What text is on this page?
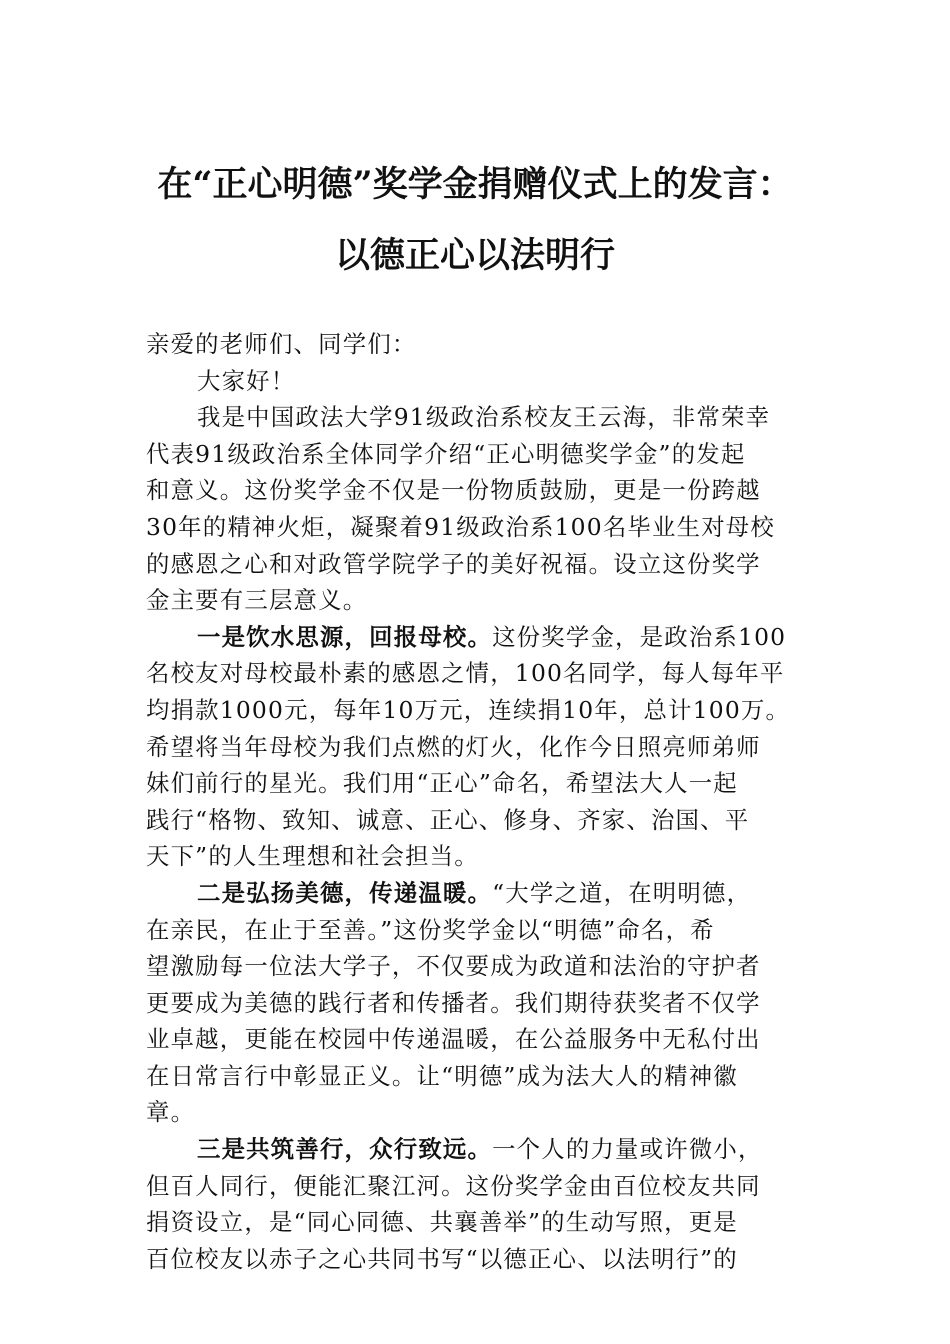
在“正心明德”奖学金捐赠仪式上的发言：
以德正心以法明行
亲爱的老师们、同学们：
大家好！
我是中国政法大学91级政治系校友王云海，非常荣幸
代表91级政治系全体同学介绍“正心明德奖学金”的发起
和意义。这份奖学金不仅是一份物质鼓励，更是一份跨越
30年的精神火炬，凝聚着91级政治系100名毕业生对母校
的感恩之心和对政管学院学子的美好祝福。设立这份奖学
金主要有三层意义。
一是饮水思源，回报母校。这份奖学金，是政治系100
名校友对母校最朴素的感恩之情，100名同学，每人每年平
均捐款1000元，每年10万元，连续捐10年，总计100万。
希望将当年母校为我们点燃的灯火，化作今日照亮师弟师
妹们前行的星光。我们用“正心”命名，希望法大人一起
践行“格物、致知、诚意、正心、修身、齐家、治国、平
天下”的人生理想和社会担当。
二是弘扬美德，传递温暖。“大学之道，在明明德，
在亲民，在止于至善。”这份奖学金以“明德”命名，希
望激励每一位法大学子，不仅要成为政道和法治的守护者
更要成为美德的践行者和传播者。我们期待获奖者不仅学
业卓越，更能在校园中传递温暖，在公益服务中无私付出
在日常言行中彰显正义。让“明德”成为法大人的精神徽
章。
三是共筑善行，众行致远。一个人的力量或许微小，
但百人同行，便能汇聚江河。这份奖学金由百位校友共同
捐资设立，是“同心同德、共襄善举”的生动写照，更是
百位校友以赤子之心共同书写“以德正心、以法明行”的
